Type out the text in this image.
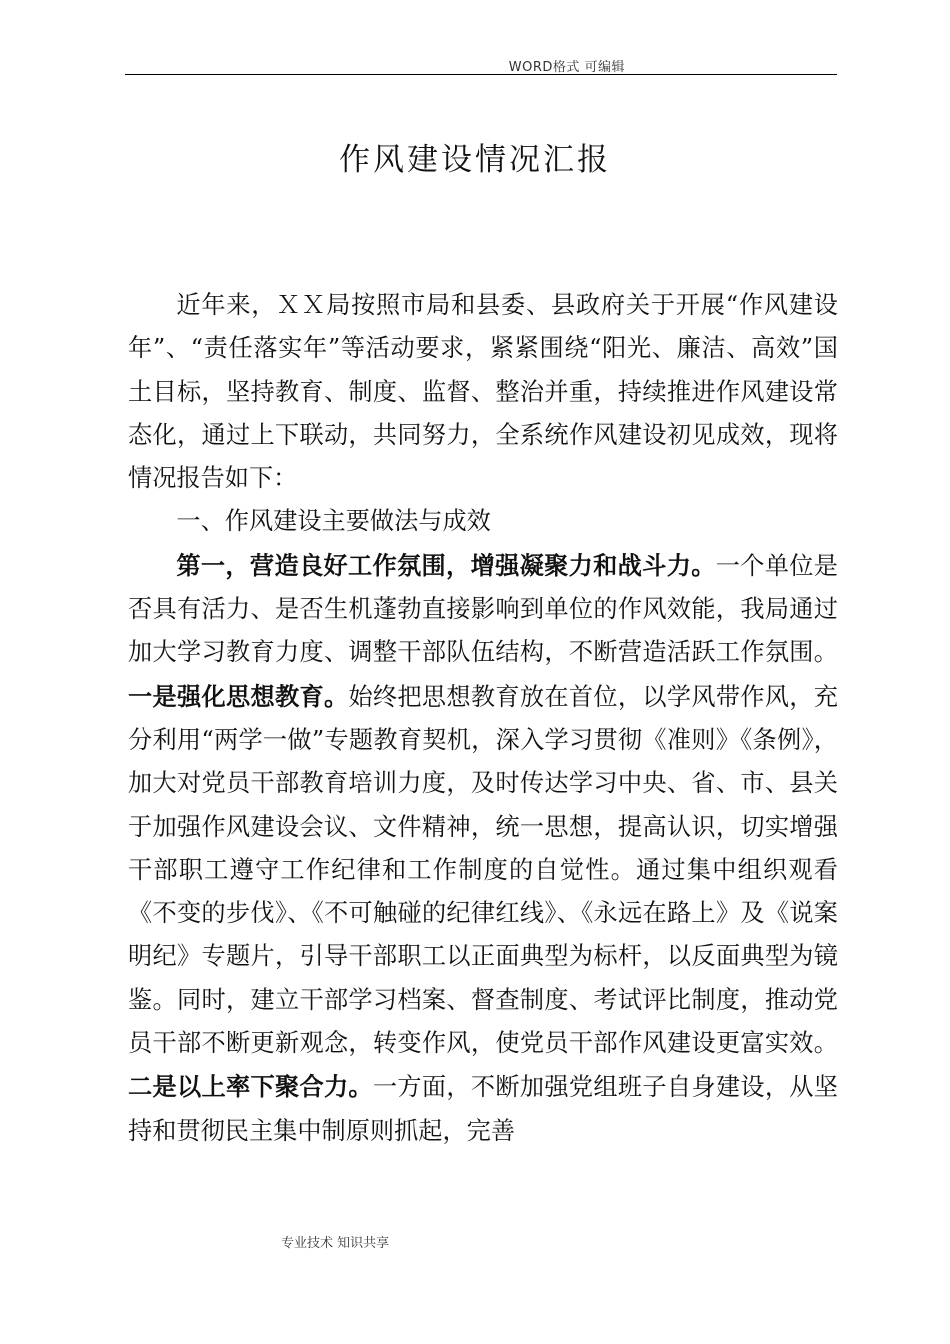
WORD格式 可编辑
作风建设情况汇报

近年来，ＸＸ局按照市局和县委、县政府关于开展“作风建设年”、“责任落实年”等活动要求，紧紧围绕“阳光、廉洁、高效”国土目标，坚持教育、制度、监督、整治并重，持续推进作风建设常态化，通过上下联动，共同努力，全系统作风建设初见成效，现将情况报告如下：

一、作风建设主要做法与成效

第一，营造良好工作氛围，增强凝聚力和战斗力。一个单位是否具有活力、是否生机蓬勃直接影响到单位的作风效能，我局通过加大学习教育力度、调整干部队伍结构，不断营造活跃工作氛围。一是强化思想教育。始终把思想教育放在首位，以学风带作风，充分利用“两学一做”专题教育契机，深入学习贯彻《准则》《条例》，加大对党员干部教育培训力度，及时传达学习中央、省、市、县关于加强作风建设会议、文件精神，统一思想，提高认识，切实增强干部职工遵守工作纪律和工作制度的自觉性。通过集中组织观看《不变的步伐》、《不可触碰的纪律红线》、《永远在路上》及《说案明纪》专题片，引导干部职工以正面典型为标杆，以反面典型为镜鉴。同时，建立干部学习档案、督查制度、考试评比制度，推动党员干部不断更新观念，转变作风，使党员干部作风建设更富实效。二是以上率下聚合力。一方面，不断加强党组班子自身建设，从坚持和贯彻民主集中制原则抓起，完善

专业技术 知识共享
